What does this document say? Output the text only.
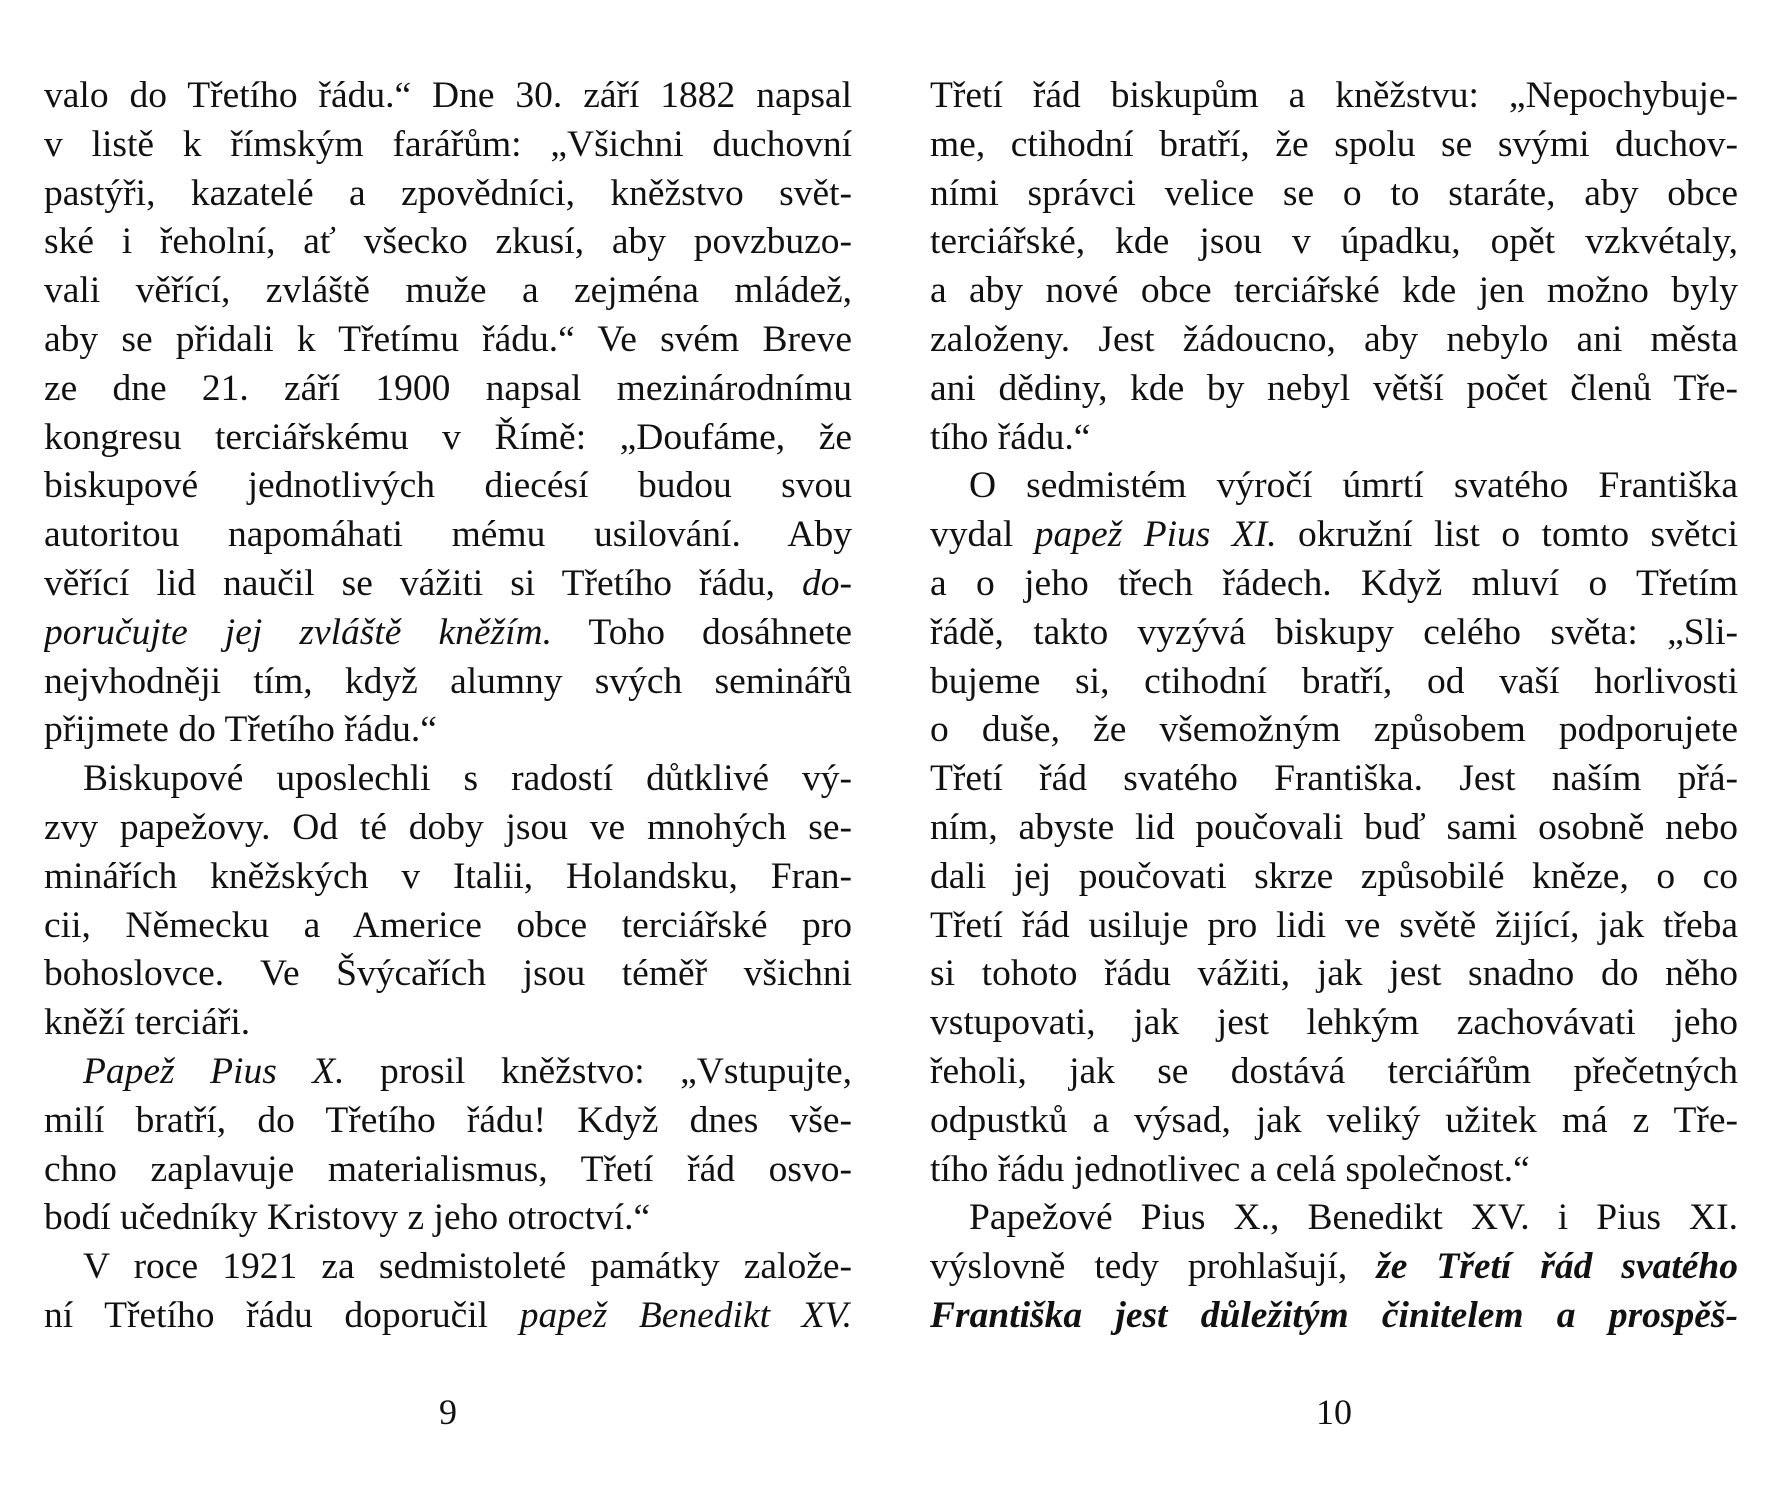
valo do Třetího řádu.“ Dne 30. září 1882 napsal
v listě k římským farářům: „Všichni duchovní
pastýři, kazatelé a zpovědníci, kněžstvo svět-
ské i řeholní, ať všecko zkusí, aby povzbuzo-
vali věřící, zvláště muže a zejména mládež,
aby se přidali k Třetímu řádu.“ Ve svém Breve
ze dne 21. září 1900 napsal mezinárodnímu
kongresu terciářskému v Římě: „Doufáme, že
biskupové jednotlivých diecésí budou svou
autoritou napomáhati mému usilování. Aby
věřící lid naučil se vážiti si Třetího řádu, do-
poručujte jej zvláště kněžím. Toho dosáhnete
nejvhodněji tím, když alumny svých seminářů
přijmete do Třetího řádu.“
Biskupové uposlechli s radostí důtklivé vý-
zvy papežovy. Od té doby jsou ve mnohých se-
minářích kněžských v Italii, Holandsku, Fran-
cii, Německu a Americe obce terciářské pro
bohoslovce. Ve Švýcařích jsou téměř všichni
kněží terciáři.
Papež Pius X. prosil kněžstvo: „Vstupujte,
milí bratří, do Třetího řádu! Když dnes vše-
chno zaplavuje materialismus, Třetí řád osvo-
bodí učedníky Kristovy z jeho otroctví.“
V roce 1921 za sedmistoleté památky založe-
ní Třetího řádu doporučil papež Benedikt XV.
9
Třetí řád biskupům a kněžstvu: „Nepochybuje-
me, ctihodní bratří, že spolu se svými duchov-
ními správci velice se o to staráte, aby obce
terciářské, kde jsou v úpadku, opět vzkvétaly,
a aby nové obce terciářské kde jen možno byly
založeny. Jest žádoucno, aby nebylo ani města
ani dědiny, kde by nebyl větší počet členů Tře-
tího řádu.“
O sedmistém výročí úmrtí svatého Františka
vydal papež Pius XI. okružní list o tomto světci
a o jeho třech řádech. Když mluví o Třetím
řádě, takto vyzývá biskupy celého světa: „Sli-
bujeme si, ctihodní bratří, od vaší horlivosti
o duše, že všemožným způsobem podporujete
Třetí řád svatého Františka. Jest naším přá-
ním, abyste lid poučovali buď sami osobně nebo
dali jej poučovati skrze způsobilé kněze, o co
Třetí řád usiluje pro lidi ve světě žijící, jak třeba
si tohoto řádu vážiti, jak jest snadno do něho
vstupovati, jak jest lehkým zachovávati jeho
řeholi, jak se dostává terciářům přečetných
odpustků a výsad, jak veliký užitek má z Tře-
tího řádu jednotlivec a celá společnost.“
Papežové Pius X., Benedikt XV. i Pius XI.
výslovně tedy prohlašují, že Třetí řád svatého
Františka jest důležitým činitelem a prospěš-
10
